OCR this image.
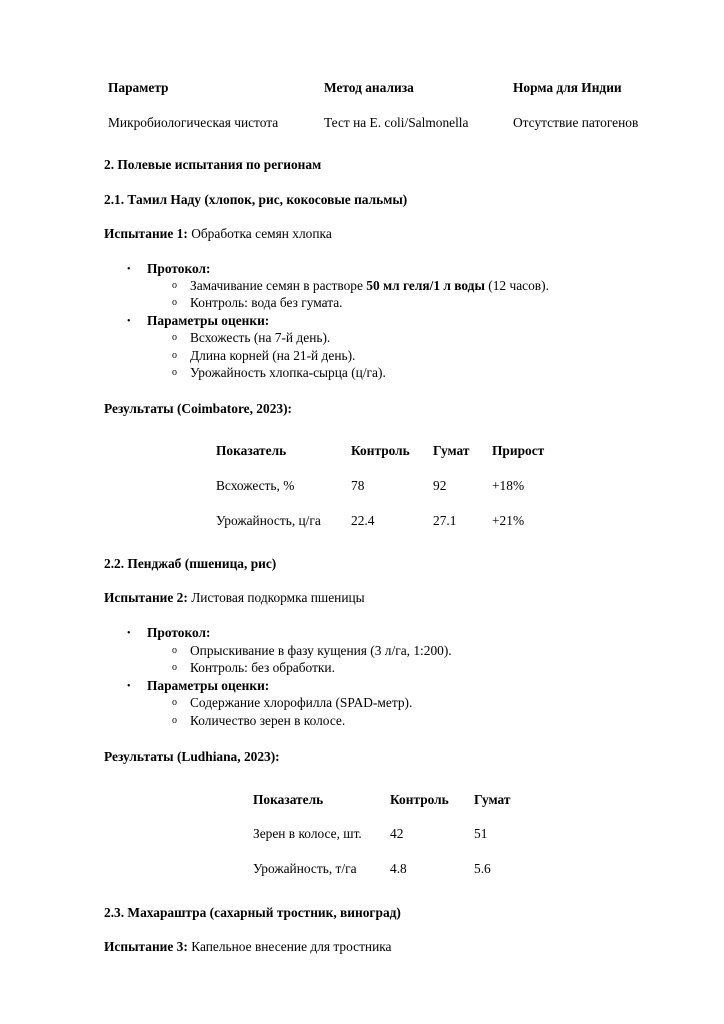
Параметр	Метод анализа	Норма для Индии
Микробиологическая чистота	Тест на E. coli/Salmonella	Отсутствие патогенов
2. Полевые испытания по регионам
2.1. Тамил Наду (хлопок, рис, кокосовые пальмы)
Испытание 1: Обработка семян хлопка
• Протокол:
o Замачивание семян в растворе 50 мл геля/1 л воды (12 часов).
o Контроль: вода без гумата.
• Параметры оценки:
o Всхожесть (на 7-й день).
o Длина корней (на 21-й день).
o Урожайность хлопка-сырца (ц/га).
Результаты (Coimbatore, 2023):
Показатель	Контроль Гумат Прирост
Всхожесть, %	78	92	+18%
Урожайность, ц/га 22.4	27.1	+21%
2.2. Пенджаб (пшеница, рис)
Испытание 2: Листовая подкормка пшеницы
• Протокол:
o Опрыскивание в фазу кущения (3 л/га, 1:200).
o Контроль: без обработки.
• Параметры оценки:
o Содержание хлорофилла (SPAD-метр).
o Количество зерен в колосе.
Результаты (Ludhiana, 2023):
Показатель	Контроль Гумат
Зерен в колосе, шт. 42	51
Урожайность, т/га 4.8	5.6
2.3. Махараштра (сахарный тростник, виноград)
Испытание 3: Капельное внесение для тростника
